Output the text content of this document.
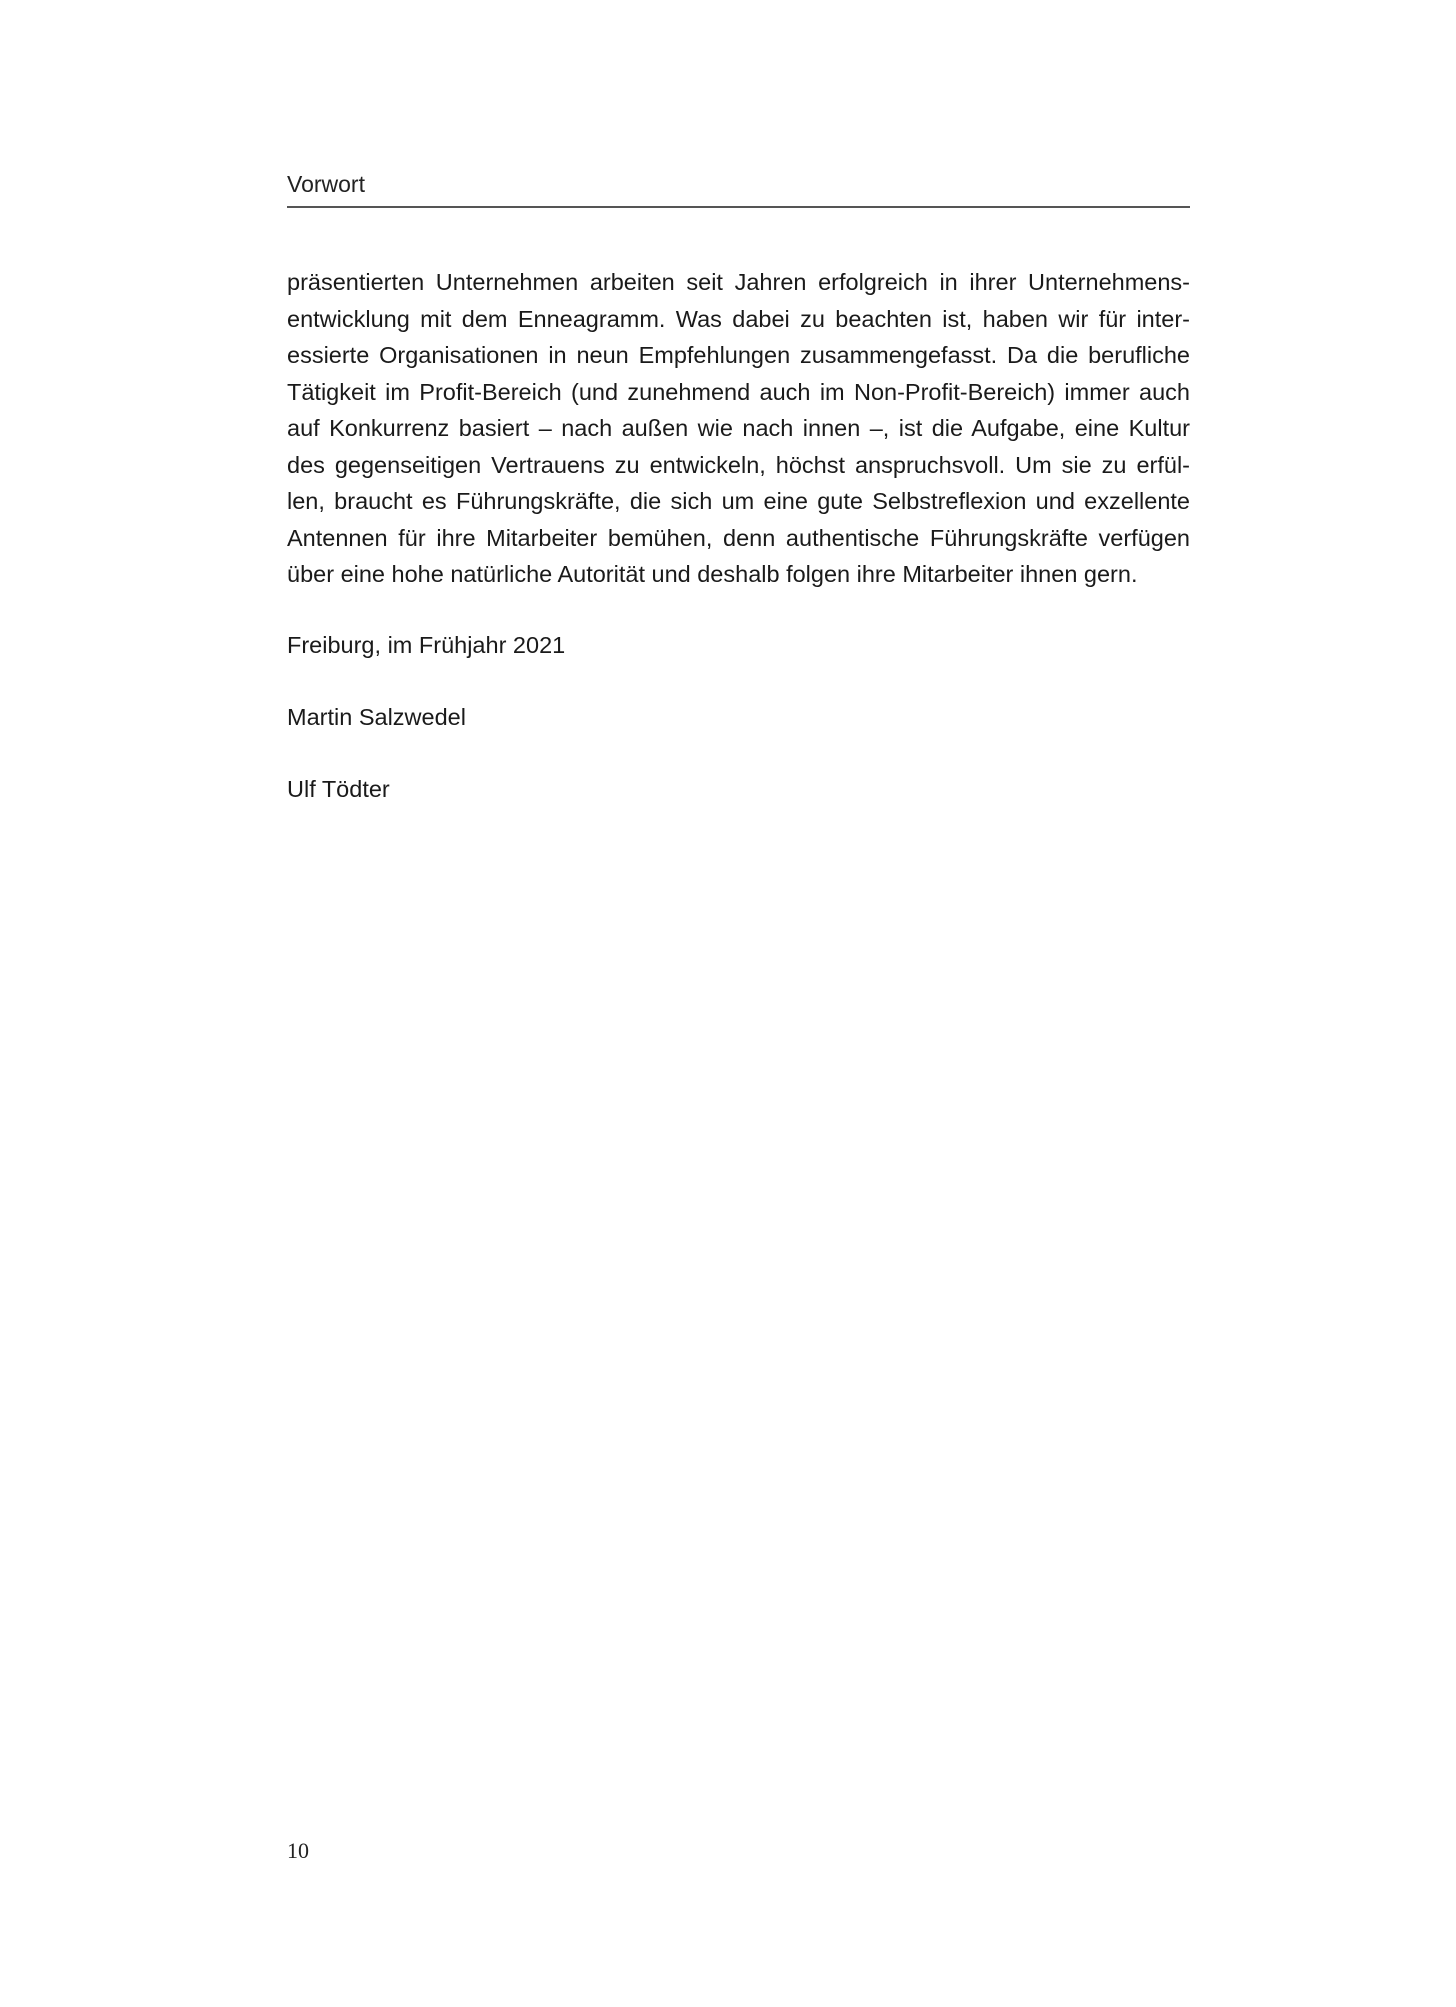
Vorwort
präsentierten Unternehmen arbeiten seit Jahren erfolgreich in ihrer Unternehmens-
entwicklung mit dem Enneagramm. Was dabei zu beachten ist, haben wir für inter-
essierte Organisationen in neun Empfehlungen zusammengefasst. Da die berufliche
Tätigkeit im Profit-Bereich (und zunehmend auch im Non-Profit-Bereich) immer auch
auf Konkurrenz basiert – nach außen wie nach innen –, ist die Aufgabe, eine Kultur
des gegenseitigen Vertrauens zu entwickeln, höchst anspruchsvoll. Um sie zu erfül-
len, braucht es Führungskräfte, die sich um eine gute Selbstreflexion und exzellente
Antennen für ihre Mitarbeiter bemühen, denn authentische Führungskräfte verfügen
über eine hohe natürliche Autorität und deshalb folgen ihre Mitarbeiter ihnen gern.
Freiburg, im Frühjahr 2021
Martin Salzwedel
Ulf Tödter
10
